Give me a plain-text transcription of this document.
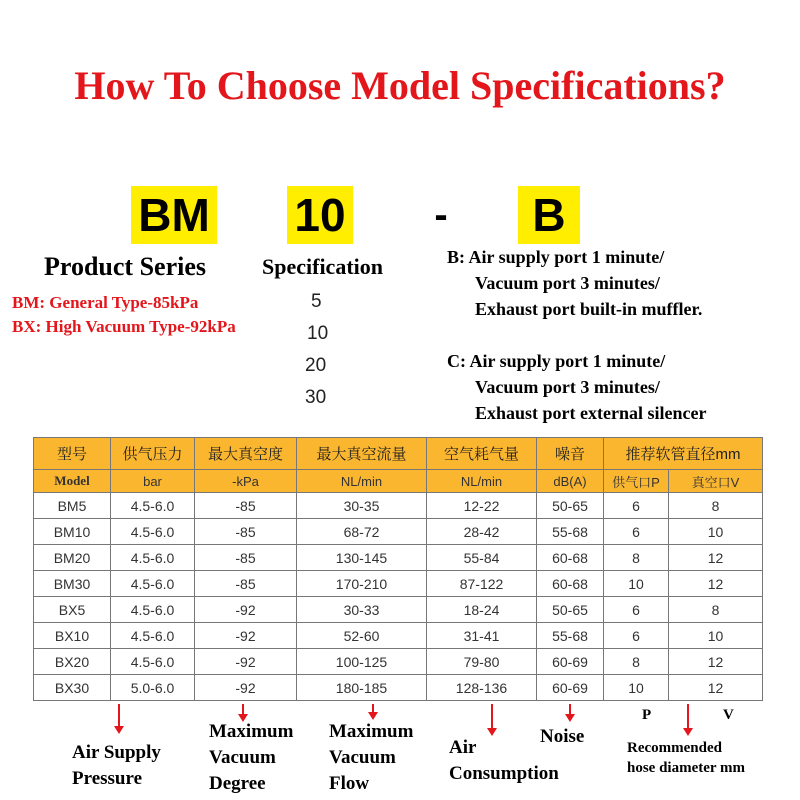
How To Choose Model Specifications?
BM 10 -	B
Product Series
BM: General Type-85kPa
BX: High Vacuum Type-92kPa
Specification
5
10
20
30
B: Air supply port 1 minute/
Vacuum port 3 minutes/
Exhaust port built-in muffler.
C: Air supply port 1 minute/
Vacuum port 3 minutes/
Exhaust port external silencer
型号	供气压力	最大真空度	最大真空流量	空气耗气量	噪音	推荐软管直径mm	
Model	bar	-kPa	NL/min	NL/min	dB(A)	供气口P	真空口V
BM5	4.5-6.0	-85	30-35	12-22	50-65	6	8
BM10	4.5-6.0	-85	68-72	28-42	55-68	6	10
BM20	4.5-6.0	-85	130-145	55-84	60-68	8	12
BM30	4.5-6.0	-85	170-210	87-122	60-68	10	12
BX5	4.5-6.0	-92	30-33	18-24	50-65	6	8
BX10	4.5-6.0	-92	52-60	31-41	55-68	6	10
BX20	4.5-6.0	-92	100-125	79-80	60-69	8	12
BX30	5.0-6.0	-92	180-185	128-136	60-69	10	12
Air Supply
Pressure
Maximum
Vacuum
Degree
Maximum
Vacuum
Flow
Air
Consumption
Noise
P	V
Recommended
hose diameter mm
